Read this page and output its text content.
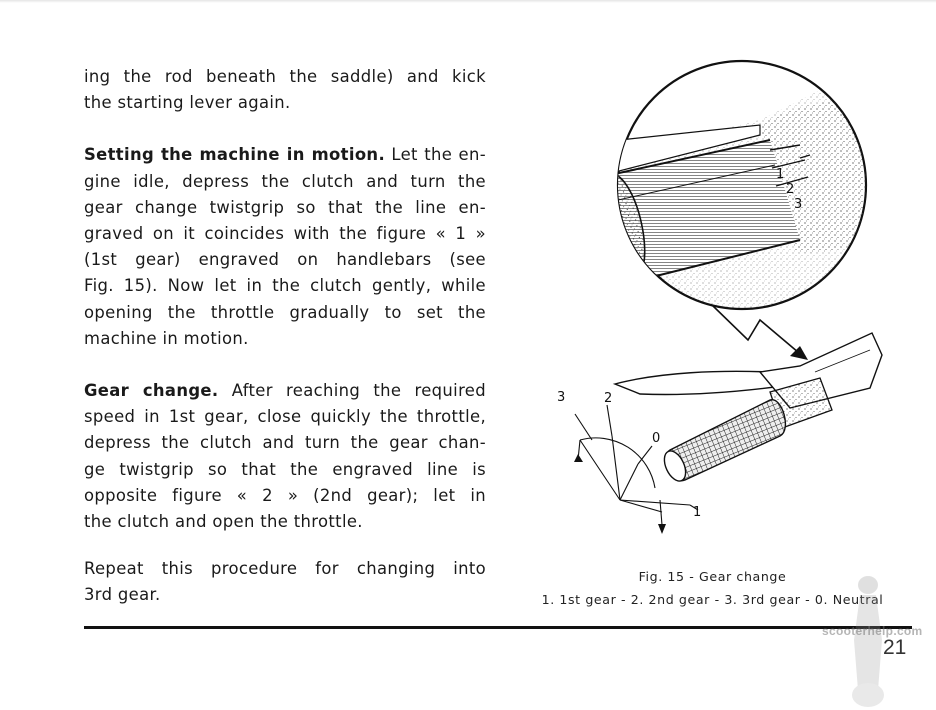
ing the rod beneath the saddle) and kick
the starting lever again.
Setting the machine in motion. Let the en-
gine idle, depress the clutch and turn the
gear change twistgrip so that the line en-
graved on it coincides with the figure « 1 »
(1st gear) engraved on handlebars (see
Fig. 15). Now let in the clutch gently, while
opening the throttle gradually to set the
machine in motion.
Gear change. After reaching the required
speed in 1st gear, close quickly the throttle,
depress the clutch and turn the gear chan-
ge twistgrip so that the engraved line is
opposite figure « 2 » (2nd gear); let in
the clutch and open the throttle.
Repeat this procedure for changing into
3rd gear.
1
2
3
3	2
0
1
Fig. 15 - Gear change
1. 1st gear - 2. 2nd gear - 3. 3rd gear - 0. Neutral
scooterhelp.com
21
